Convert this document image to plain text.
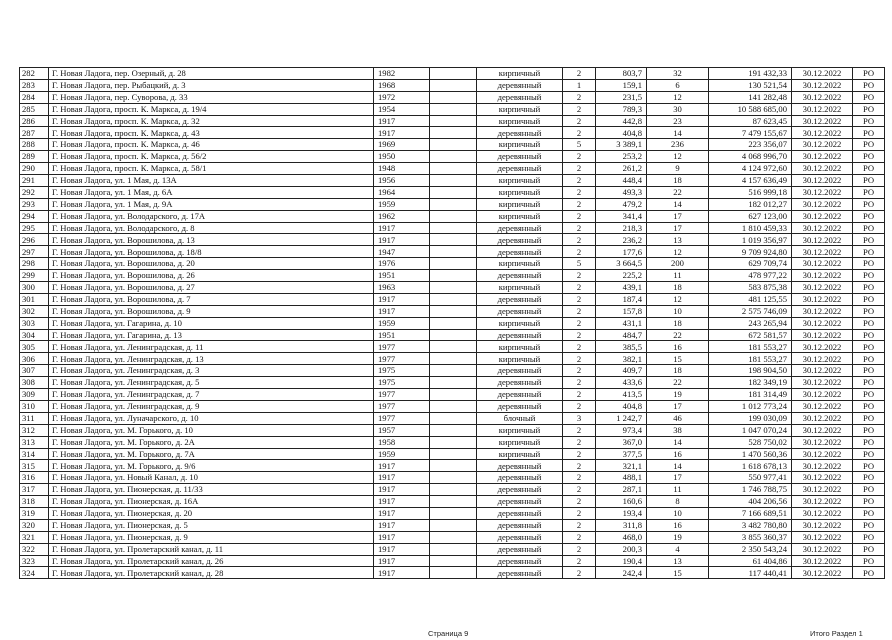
282	Г. Новая Ладога, пер. Озерный, д. 28	1982		кирпичный	2	803,7	32	191 432,33	30.12.2022	РО
283	Г. Новая Ладога, пер. Рыбацкий, д. 3	1968		деревянный	1	159,1	6	130 521,54	30.12.2022	РО
284	Г. Новая Ладога, пер. Суворова, д. 33	1972		деревянный	2	231,5	12	141 282,48	30.12.2022	РО
285	Г. Новая Ладога, просп. К. Маркса, д. 19/4	1954		кирпичный	2	789,3	30	10 588 685,00	30.12.2022	РО
286	Г. Новая Ладога, просп. К. Маркса, д. 32	1917		кирпичный	2	442,8	23	87 623,45	30.12.2022	РО
287	Г. Новая Ладога, просп. К. Маркса, д. 43	1917		деревянный	2	404,8	14	7 479 155,67	30.12.2022	РО
288	Г. Новая Ладога, просп. К. Маркса, д. 46	1969		кирпичный	5	3 389,1	236	223 356,07	30.12.2022	РО
289	Г. Новая Ладога, просп. К. Маркса, д. 56/2	1950		деревянный	2	253,2	12	4 068 996,70	30.12.2022	РО
290	Г. Новая Ладога, просп. К. Маркса, д. 58/1	1948		деревянный	2	261,2	9	4 124 972,60	30.12.2022	РО
291	Г. Новая Ладога, ул. 1 Мая, д. 13А	1956		кирпичный	2	448,4	18	4 157 636,49	30.12.2022	РО
292	Г. Новая Ладога, ул. 1 Мая, д. 6А	1964		кирпичный	2	493,3	22	516 999,18	30.12.2022	РО
293	Г. Новая Ладога, ул. 1 Мая, д. 9А	1959		кирпичный	2	479,2	14	182 012,27	30.12.2022	РО
294	Г. Новая Ладога, ул. Володарского, д. 17А	1962		кирпичный	2	341,4	17	627 123,00	30.12.2022	РО
295	Г. Новая Ладога, ул. Володарского, д. 8	1917		деревянный	2	218,3	17	1 810 459,33	30.12.2022	РО
296	Г. Новая Ладога, ул. Ворошилова, д. 13	1917		деревянный	2	236,2	13	1 019 356,97	30.12.2022	РО
297	Г. Новая Ладога, ул. Ворошилова, д. 18/8	1947		деревянный	2	177,6	12	9 709 924,80	30.12.2022	РО
298	Г. Новая Ладога, ул. Ворошилова, д. 20	1976		кирпичный	5	3 664,5	200	629 709,74	30.12.2022	РО
299	Г. Новая Ладога, ул. Ворошилова, д. 26	1951		деревянный	2	225,2	11	478 977,22	30.12.2022	РО
300	Г. Новая Ладога, ул. Ворошилова, д. 27	1963		кирпичный	2	439,1	18	583 875,38	30.12.2022	РО
301	Г. Новая Ладога, ул. Ворошилова, д. 7	1917		деревянный	2	187,4	12	481 125,55	30.12.2022	РО
302	Г. Новая Ладога, ул. Ворошилова, д. 9	1917		деревянный	2	157,8	10	2 575 746,09	30.12.2022	РО
303	Г. Новая Ладога, ул. Гагарина, д. 10	1959		кирпичный	2	431,1	18	243 265,94	30.12.2022	РО
304	Г. Новая Ладога, ул. Гагарина, д. 13	1951		деревянный	2	484,7	22	672 581,57	30.12.2022	РО
305	Г. Новая Ладога, ул. Ленинградская, д. 11	1977		кирпичный	2	385,5	16	181 553,27	30.12.2022	РО
306	Г. Новая Ладога, ул. Ленинградская, д. 13	1977		кирпичный	2	382,1	15	181 553,27	30.12.2022	РО
307	Г. Новая Ладога, ул. Ленинградская, д. 3	1975		деревянный	2	409,7	18	198 904,50	30.12.2022	РО
308	Г. Новая Ладога, ул. Ленинградская, д. 5	1975		деревянный	2	433,6	22	182 349,19	30.12.2022	РО
309	Г. Новая Ладога, ул. Ленинградская, д. 7	1977		деревянный	2	413,5	19	181 314,49	30.12.2022	РО
310	Г. Новая Ладога, ул. Ленинградская, д. 9	1977		деревянный	2	404,8	17	1 012 773,24	30.12.2022	РО
311	Г. Новая Ладога, ул. Луначарского, д. 10	1977		блочный	3	1 242,7	46	199 030,09	30.12.2022	РО
312	Г. Новая Ладога, ул. М. Горького, д. 10	1957		кирпичный	2	973,4	38	1 047 070,24	30.12.2022	РО
313	Г. Новая Ладога, ул. М. Горького, д. 2А	1958		кирпичный	2	367,0	14	528 750,02	30.12.2022	РО
314	Г. Новая Ладога, ул. М. Горького, д. 7А	1959		кирпичный	2	377,5	16	1 470 560,36	30.12.2022	РО
315	Г. Новая Ладога, ул. М. Горького, д. 9/6	1917		деревянный	2	321,1	14	1 618 678,13	30.12.2022	РО
316	Г. Новая Ладога, ул. Новый Канал, д. 10	1917		деревянный	2	488,1	17	550 977,41	30.12.2022	РО
317	Г. Новая Ладога, ул. Пионерская, д. 11/33	1917		деревянный	2	287,1	11	1 746 788,75	30.12.2022	РО
318	Г. Новая Ладога, ул. Пионерская, д. 16А	1917		деревянный	2	160,6	8	404 206,56	30.12.2022	РО
319	Г. Новая Ладога, ул. Пионерская, д. 20	1917		деревянный	2	193,4	10	7 166 689,51	30.12.2022	РО
320	Г. Новая Ладога, ул. Пионерская, д. 5	1917		деревянный	2	311,8	16	3 482 780,80	30.12.2022	РО
321	Г. Новая Ладога, ул. Пионерская, д. 9	1917		деревянный	2	468,0	19	3 855 360,37	30.12.2022	РО
322	Г. Новая Ладога, ул. Пролетарский канал, д. 11	1917		деревянный	2	200,3	4	2 350 543,24	30.12.2022	РО
323	Г. Новая Ладога, ул. Пролетарский канал, д. 26	1917		деревянный	2	190,4	13	61 404,86	30.12.2022	РО
324	Г. Новая Ладога, ул. Пролетарский канал, д. 28	1917		деревянный	2	242,4	15	117 440,41	30.12.2022	РО
Страница 9	Итого Раздел 1
